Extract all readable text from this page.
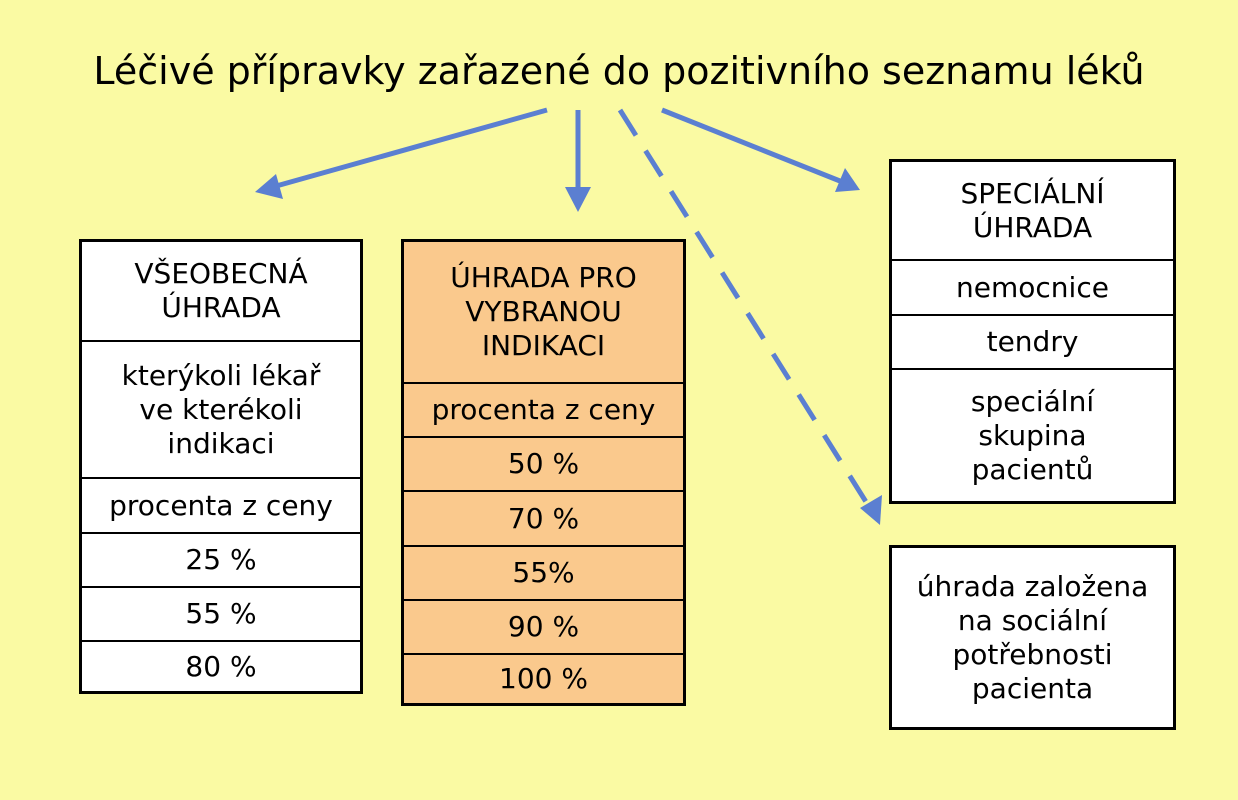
Léčivé přípravky zařazené do pozitivního seznamu léků
VŠEOBECNÁ
ÚHRADA
kterýkoli lékař
ve kterékoli
indikaci
procenta z ceny
25 %
55 %
80 %
ÚHRADA PRO
VYBRANOU
INDIKACI
procenta z ceny
50 %
70 %
55%
90 %
100 %
SPECIÁLNÍ
ÚHRADA
nemocnice
tendry
speciální
skupina
pacientů
úhrada založena
na sociální
potřebnosti
pacienta
